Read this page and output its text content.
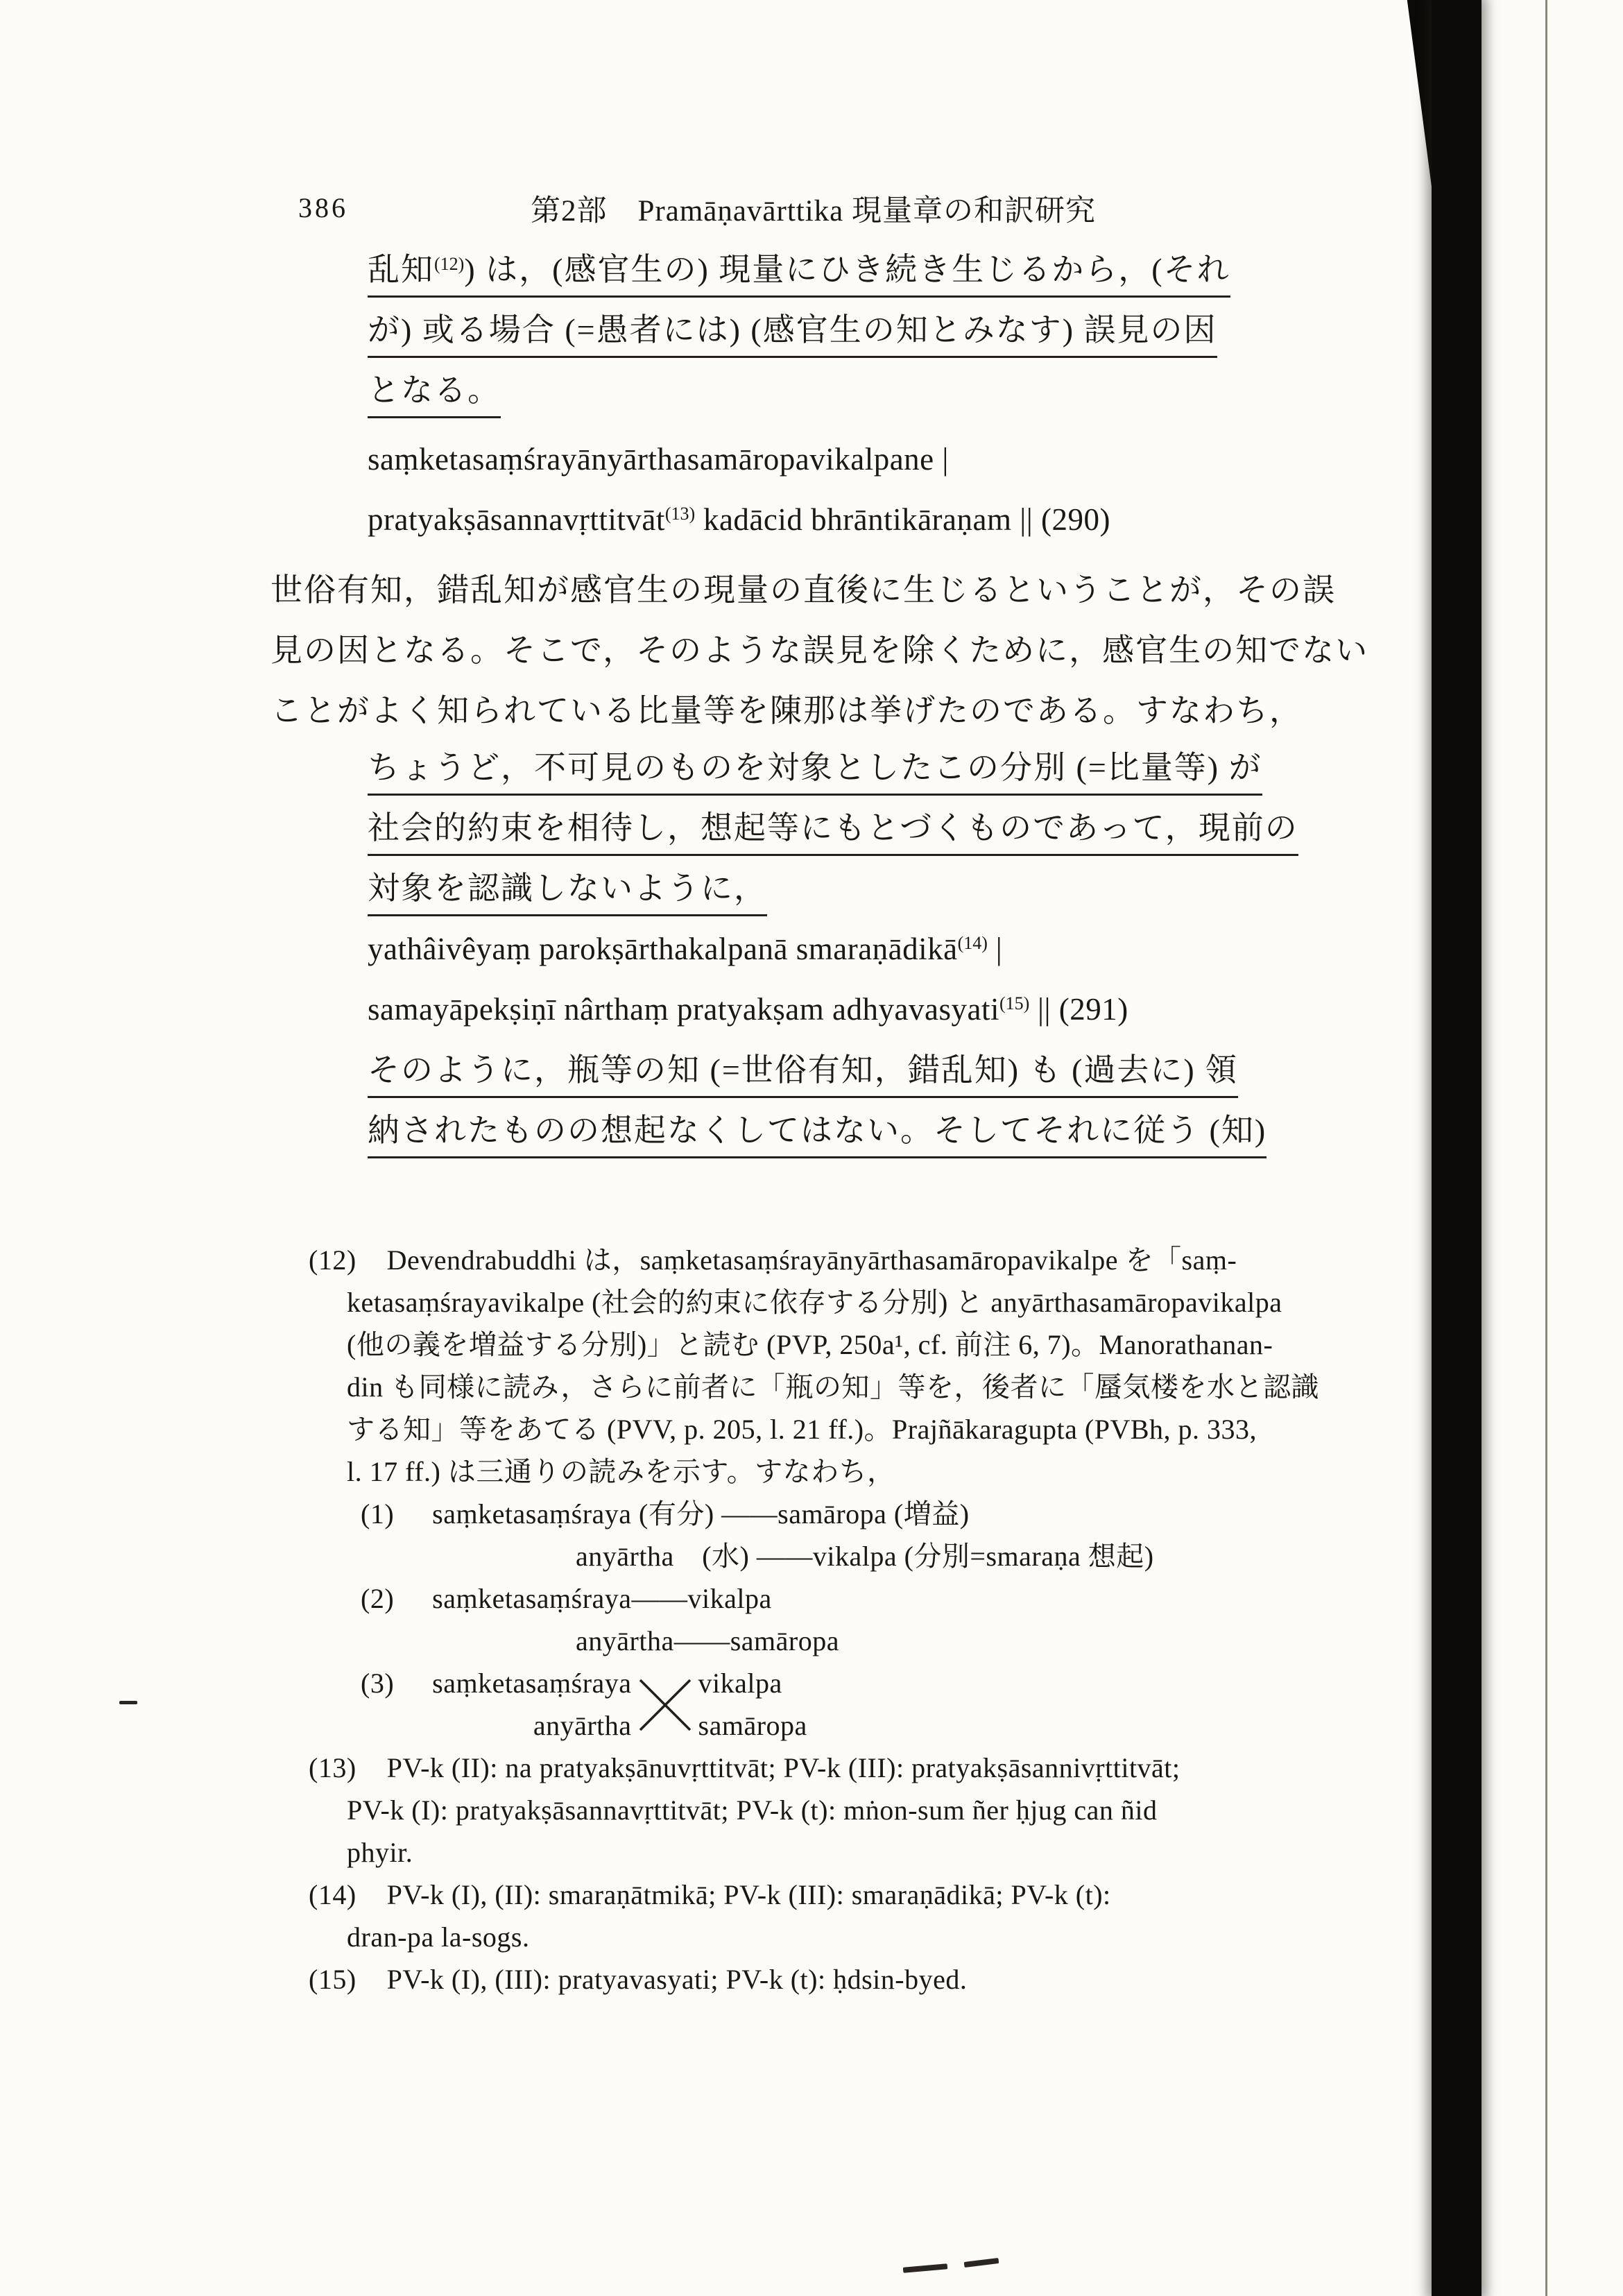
386	第2部　Pramāṇavārttika 現量章の和訳研究
乱知$^{(12)}$) は，(感官生の) 現量にひき続き生じるから，(それ
が) 或る場合 (=愚者には) (感官生の知とみなす) 誤見の因
となる。
saṃketasaṃśrayānyārthasamāropavikalpane |
pratyakṣāsannavṛttitvāt$^{(13)}$ kadācid bhrāntikāraṇam || (290)
世俗有知，錯乱知が感官生の現量の直後に生じるということが，その誤
見の因となる。そこで，そのような誤見を除くために，感官生の知でない
ことがよく知られている比量等を陳那は挙げたのである。すなわち，
ちょうど，不可見のものを対象としたこの分別 (=比量等) が
社会的約束を相待し，想起等にもとづくものであって，現前の
対象を認識しないように，
yathâivêyaṃ parokṣārthakalpanā smaraṇādikā$^{(14)}$ |
samayāpekṣiṇī nârthaṃ pratyakṣam adhyavasyati$^{(15)}$ || (291)
そのように，瓶等の知 (=世俗有知，錯乱知) も (過去に) 領
納されたものの想起なくしてはない。そしてそれに従う (知)
(12) Devendrabuddhi は，saṃketasaṃśrayānyārthasamāropavikalpe を「saṃ-
ketasaṃśrayavikalpe (社会的約束に依存する分別) と anyārthasamāropavikalpa
(他の義を増益する分別)」と読む (PVP, 250a¹, cf. 前注 6, 7)。Manorathanan-
din も同様に読み，さらに前者に「瓶の知」等を，後者に「蜃気楼を水と認識
する知」等をあてる (PVV, p. 205, l. 21 ff.)。Prajñākaragupta (PVBh, p. 333,
l. 17 ff.) は三通りの読みを示す。すなわち，
(1) saṃketasaṃśraya (有分) ——samāropa (増益)
anyārtha　(水) ——vikalpa (分別=smaraṇa 想起)
(2) saṃketasaṃśraya——vikalpa
anyārtha——samāropa
(3) saṃketasaṃśraya vikalpa
anyārtha samāropa
(13) PV-k (II): na pratyakṣānuvṛttitvāt; PV-k (III): pratyakṣāsannivṛttitvāt;
PV-k (I): pratyakṣāsannavṛttitvāt; PV-k (t): mṅon-sum ñer ḥjug can ñid
phyir.
(14) PV-k (I), (II): smaraṇātmikā; PV-k (III): smaraṇādikā; PV-k (t):
dran-pa la-sogs.
(15) PV-k (I), (III): pratyavasyati; PV-k (t): ḥdsin-byed.
